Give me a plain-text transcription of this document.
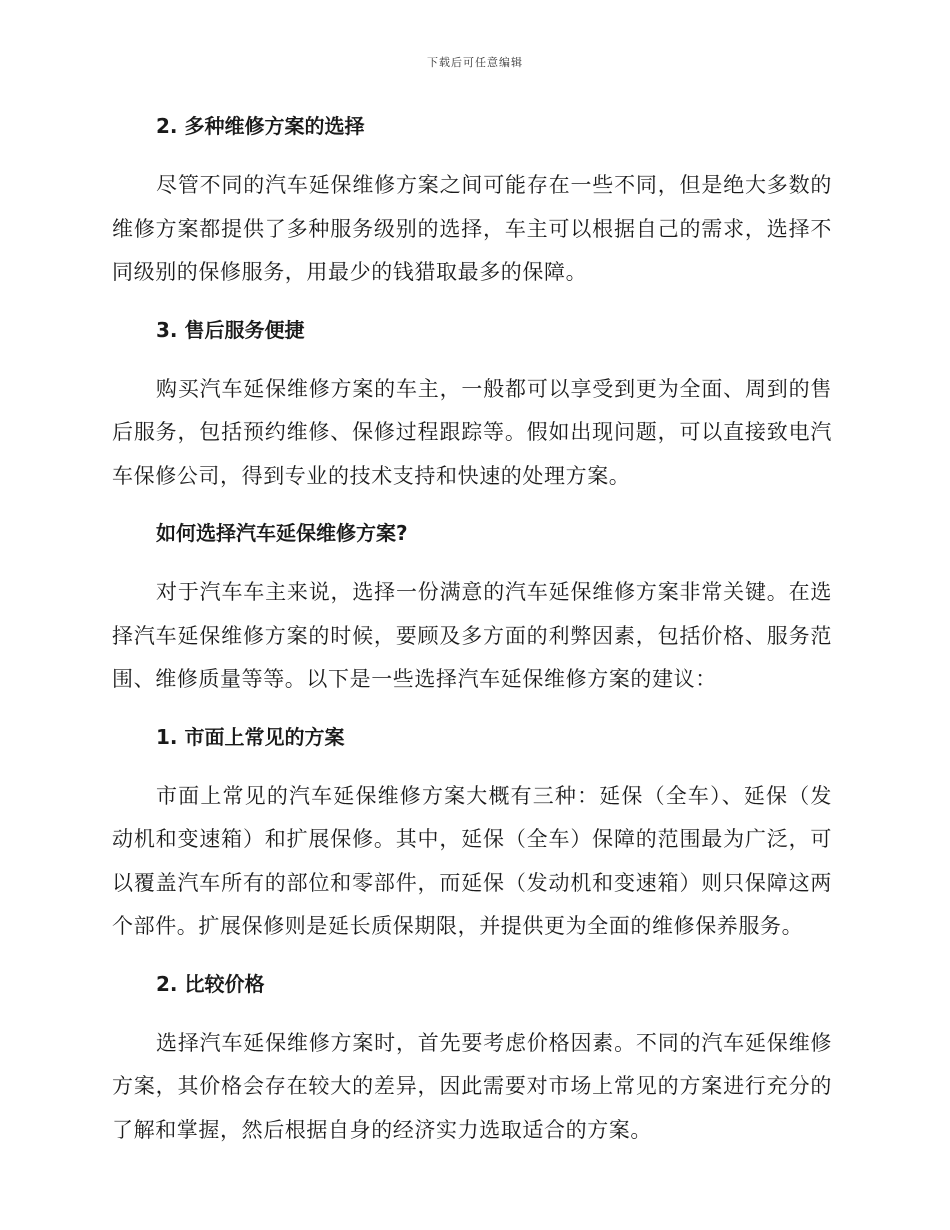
下载后可任意编辑
2. 多种维修方案的选择

尽管不同的汽车延保维修方案之间可能存在一些不同，但是绝大多数的维修方案都提供了多种服务级别的选择，车主可以根据自己的需求，选择不同级别的保修服务，用最少的钱猎取最多的保障。

3. 售后服务便捷

购买汽车延保维修方案的车主，一般都可以享受到更为全面、周到的售后服务，包括预约维修、保修过程跟踪等。假如出现问题，可以直接致电汽车保修公司，得到专业的技术支持和快速的处理方案。

如何选择汽车延保维修方案?

对于汽车车主来说，选择一份满意的汽车延保维修方案非常关键。在选择汽车延保维修方案的时候，要顾及多方面的利弊因素，包括价格、服务范围、维修质量等等。以下是一些选择汽车延保维修方案的建议：

1. 市面上常见的方案

市面上常见的汽车延保维修方案大概有三种：延保（全车）、延保（发动机和变速箱）和扩展保修。其中，延保（全车）保障的范围最为广泛，可以覆盖汽车所有的部位和零部件，而延保（发动机和变速箱）则只保障这两个部件。扩展保修则是延长质保期限，并提供更为全面的维修保养服务。

2. 比较价格

选择汽车延保维修方案时，首先要考虑价格因素。不同的汽车延保维修方案，其价格会存在较大的差异，因此需要对市场上常见的方案进行充分的了解和掌握，然后根据自身的经济实力选取适合的方案。
